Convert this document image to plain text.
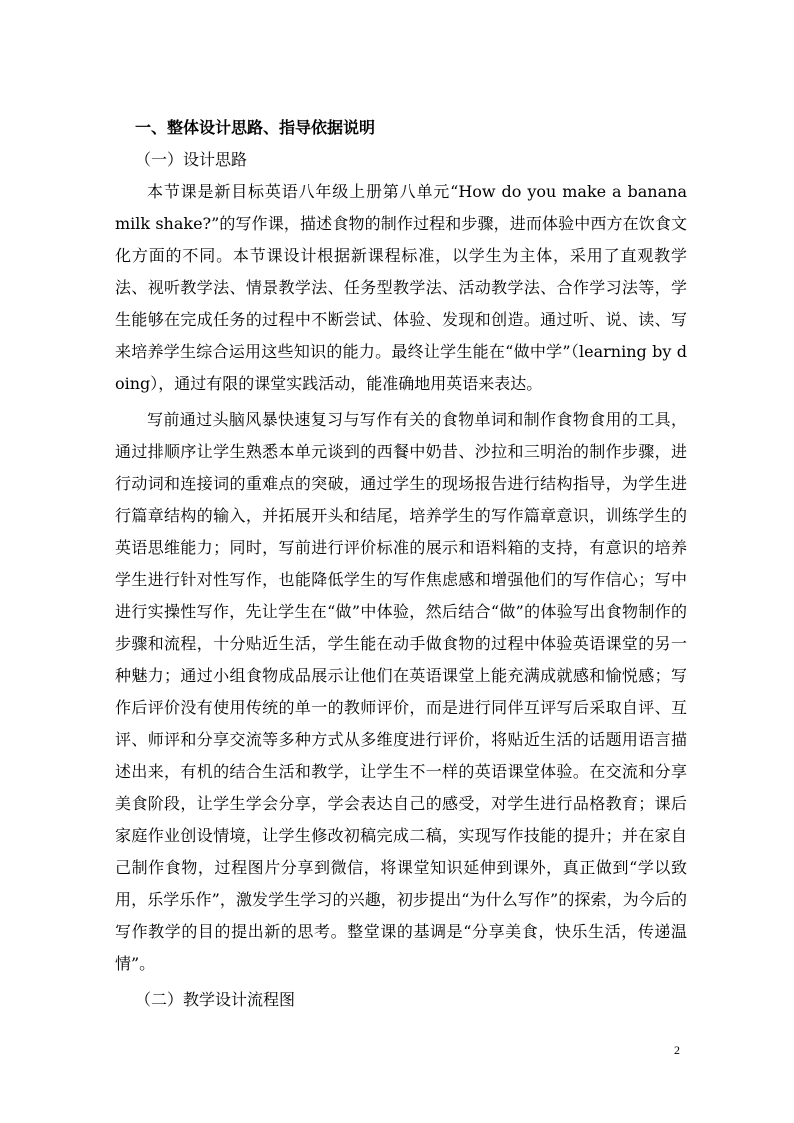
一、整体设计思路、指导依据说明
（一）设计思路

本节课是新目标英语八年级上册第八单元“How do you make a banana milk shake?”的写作课，描述食物的制作过程和步骤，进而体验中西方在饮食文化方面的不同。本节课设计根据新课程标准，以学生为主体，采用了直观教学法、视听教学法、情景教学法、任务型教学法、活动教学法、合作学习法等，学生能够在完成任务的过程中不断尝试、体验、发现和创造。通过听、说、读、写来培养学生综合运用这些知识的能力。最终让学生能在“做中学”（learning by doing），通过有限的课堂实践活动，能准确地用英语来表达。

写前通过头脑风暴快速复习与写作有关的食物单词和制作食物食用的工具，通过排顺序让学生熟悉本单元谈到的西餐中奶昔、沙拉和三明治的制作步骤，进行动词和连接词的重难点的突破，通过学生的现场报告进行结构指导，为学生进行篇章结构的输入，并拓展开头和结尾，培养学生的写作篇章意识，训练学生的英语思维能力；同时，写前进行评价标准的展示和语料箱的支持，有意识的培养学生进行针对性写作，也能降低学生的写作焦虑感和增强他们的写作信心；写中进行实操性写作，先让学生在“做”中体验，然后结合“做”的体验写出食物制作的步骤和流程，十分贴近生活，学生能在动手做食物的过程中体验英语课堂的另一种魅力；通过小组食物成品展示让他们在英语课堂上能充满成就感和愉悦感；写作后评价没有使用传统的单一的教师评价，而是进行同伴互评写后采取自评、互评、师评和分享交流等多种方式从多维度进行评价，将贴近生活的话题用语言描述出来，有机的结合生活和教学，让学生不一样的英语课堂体验。在交流和分享美食阶段，让学生学会分享，学会表达自己的感受，对学生进行品格教育；课后家庭作业创设情境，让学生修改初稿完成二稿，实现写作技能的提升；并在家自己制作食物，过程图片分享到微信，将课堂知识延伸到课外，真正做到“学以致用，乐学乐作”，激发学生学习的兴趣，初步提出“为什么写作”的探索，为今后的写作教学的目的提出新的思考。整堂课的基调是“分享美食，快乐生活，传递温情”。

（二）教学设计流程图
2
